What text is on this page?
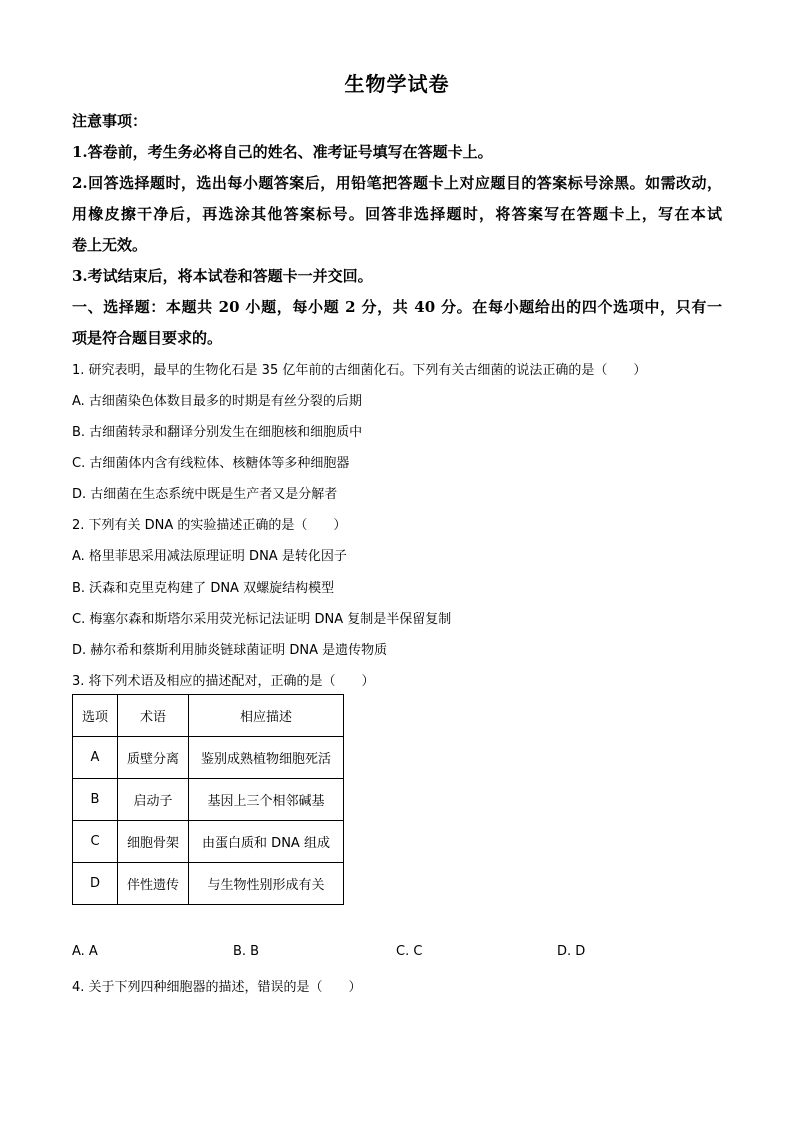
生物学试卷
注意事项：
1.答卷前，考生务必将自己的姓名、准考证号填写在答题卡上。
2.回答选择题时，选出每小题答案后，用铅笔把答题卡上对应题目的答案标号涂黑。如需改动，
用橡皮擦干净后，再选涂其他答案标号。回答非选择题时，将答案写在答题卡上，写在本试
卷上无效。
3.考试结束后，将本试卷和答题卡一并交回。
一、选择题：本题共 20 小题，每小题 2 分，共 40 分。在每小题给出的四个选项中，只有一
项是符合题目要求的。
1. 研究表明，最早的生物化石是 35 亿年前的古细菌化石。下列有关古细菌的说法正确的是（　　）
A. 古细菌染色体数目最多的时期是有丝分裂的后期
B. 古细菌转录和翻译分别发生在细胞核和细胞质中
C. 古细菌体内含有线粒体、核糖体等多种细胞器
D. 古细菌在生态系统中既是生产者又是分解者
2. 下列有关 DNA 的实验描述正确的是（　　）
A. 格里菲思采用减法原理证明 DNA 是转化因子
B. 沃森和克里克构建了 DNA 双螺旋结构模型
C. 梅塞尔森和斯塔尔采用荧光标记法证明 DNA 复制是半保留复制
D. 赫尔希和蔡斯利用肺炎链球菌证明 DNA 是遗传物质
3. 将下列术语及相应的描述配对，正确的是（　　）
选项	术语	相应描述
A	质壁分离	鉴别成熟植物细胞死活
B	启动子	基因上三个相邻碱基
C	细胞骨架	由蛋白质和 DNA 组成
D	伴性遗传	与生物性别形成有关
A. A	B. B	C. C	D. D
4. 关于下列四种细胞器的描述，错误的是（　　）
